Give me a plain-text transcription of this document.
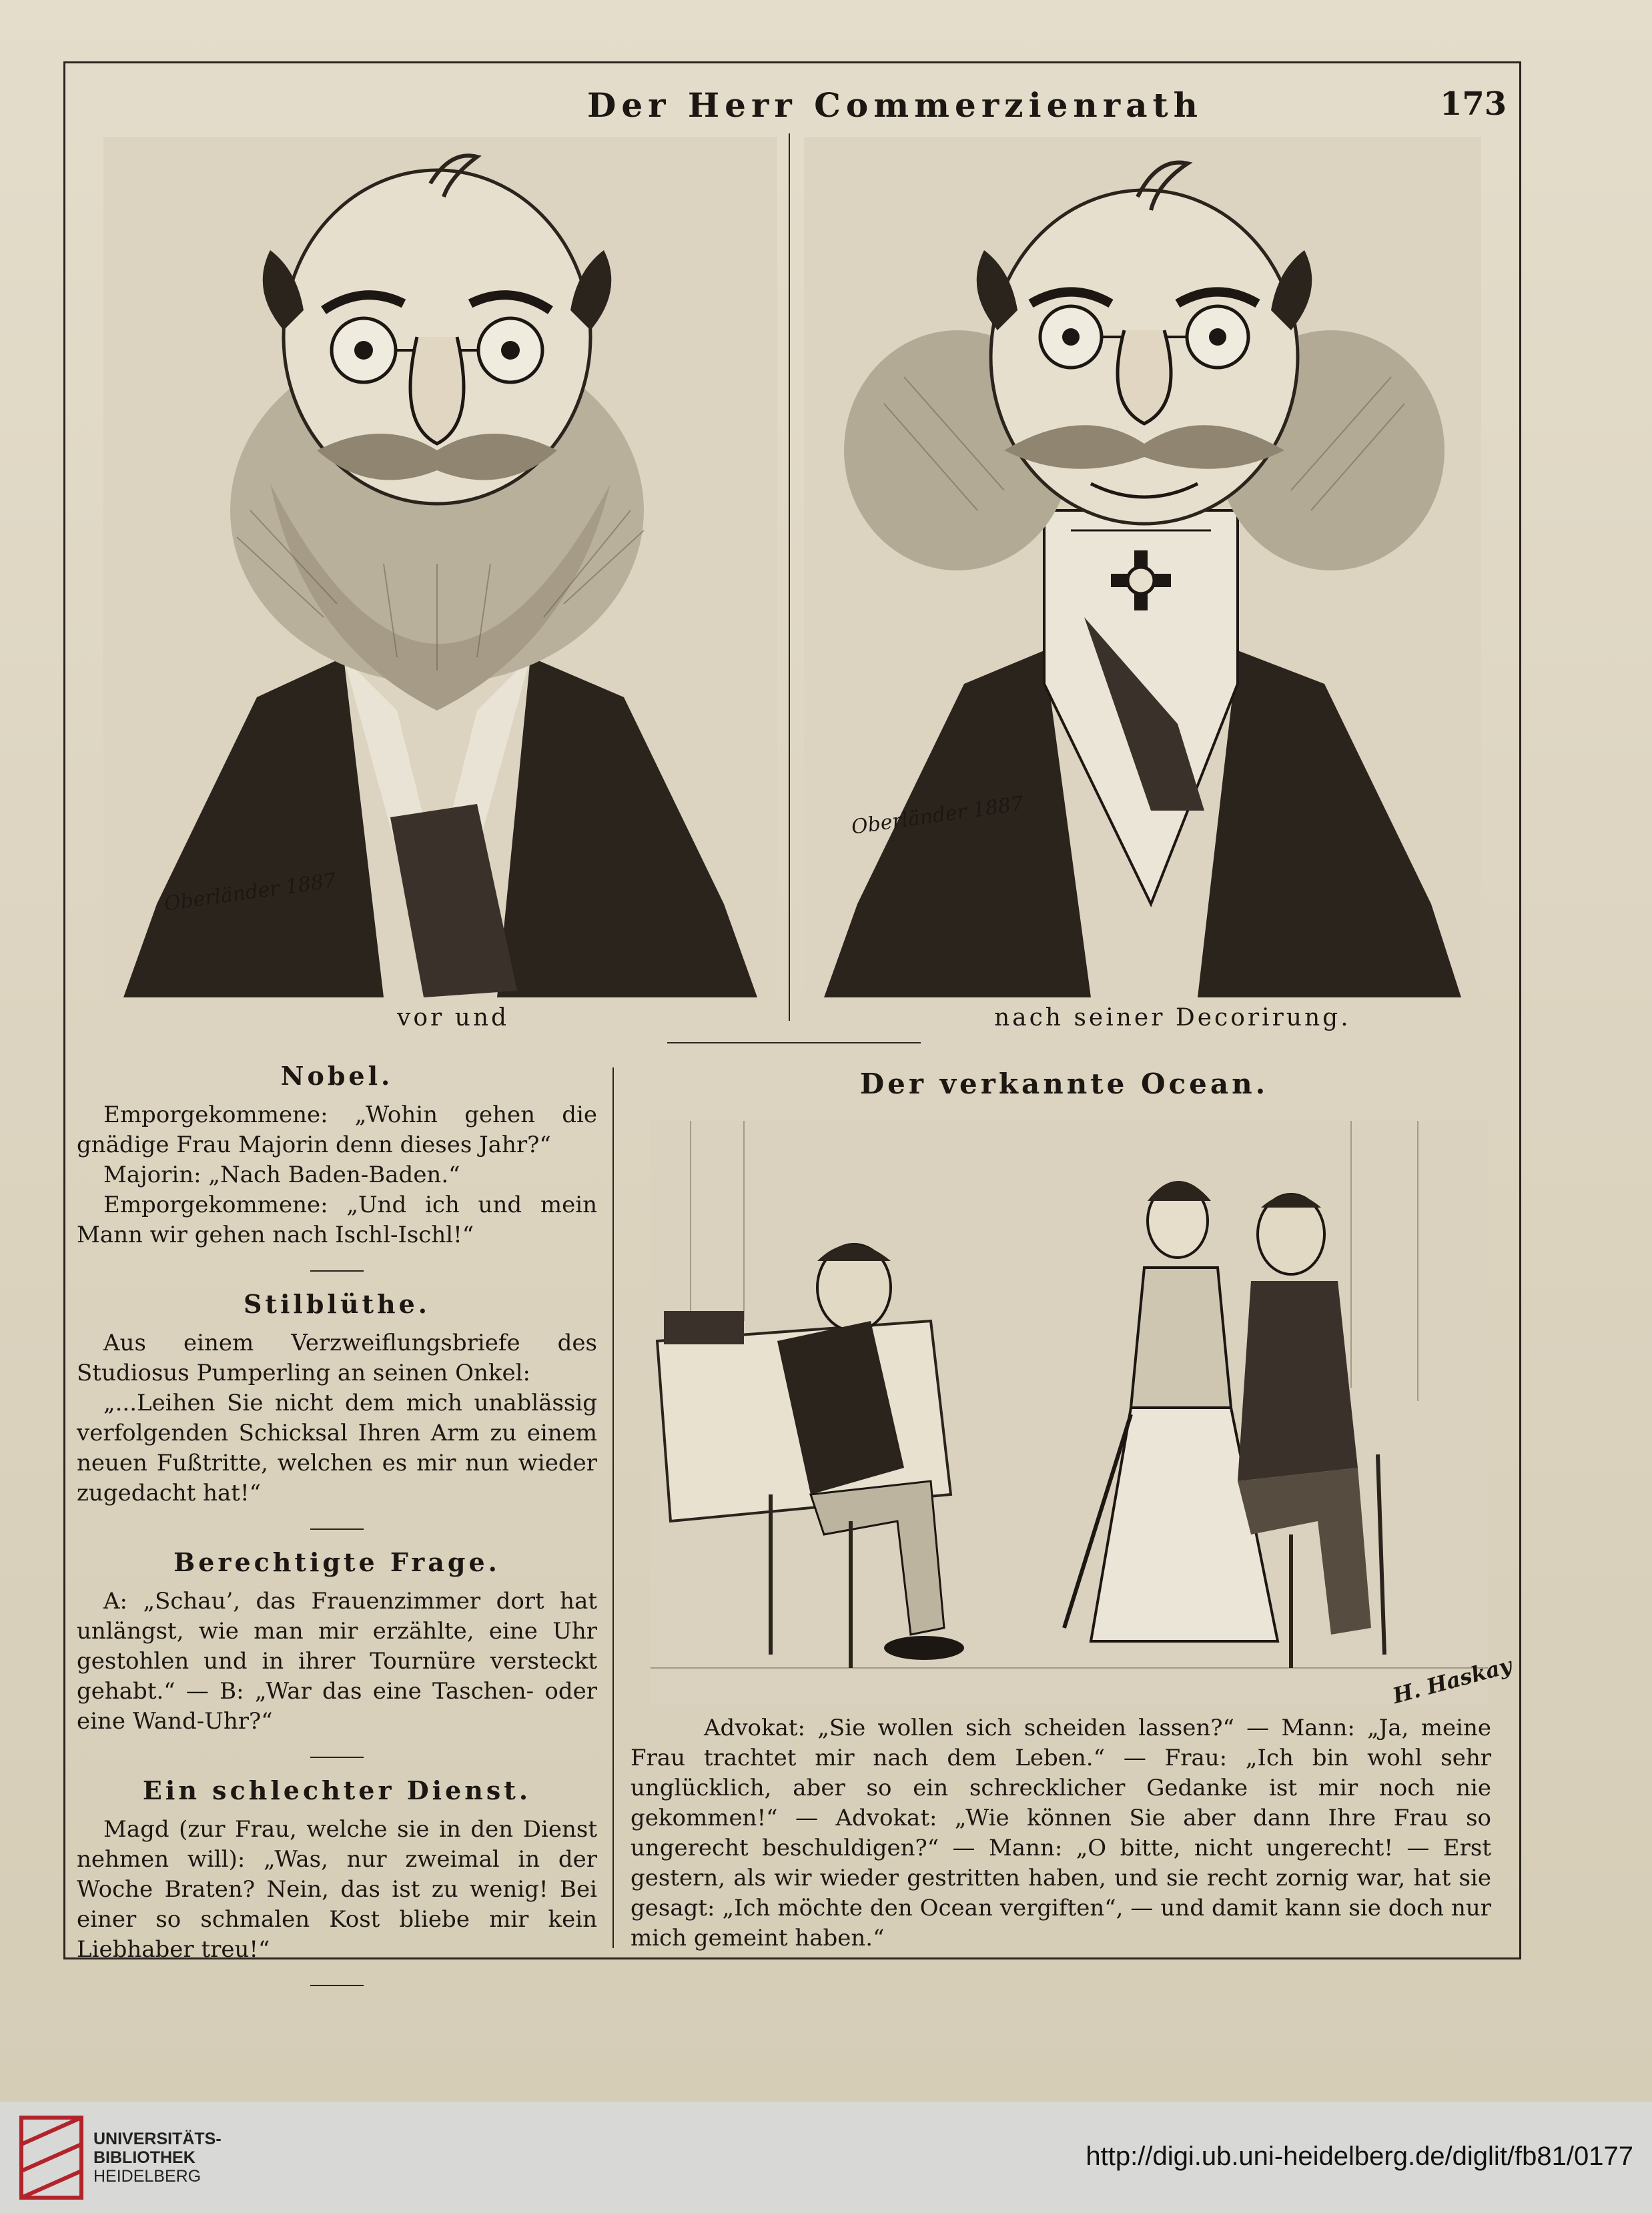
Der Herr Commerzienrath	173
Oberländer 1887
Oberländer 1887
vor und	nach seiner Decorirung.
Nobel.
Emporgekommene: „Wohin gehen die gnädige Frau Majorin denn dieses Jahr?“
Majorin: „Nach Baden-Baden.“
Emporgekommene: „Und ich und mein Mann wir gehen nach Ischl-Ischl!“
Stilblüthe.
Aus einem Verzweiflungsbriefe des Studiosus Pumperling an seinen Onkel:
„...Leihen Sie nicht dem mich unablässig verfolgenden Schicksal Ihren Arm zu einem neuen Fußtritte, welchen es mir nun wieder zugedacht hat!“
Berechtigte Frage.
A: „Schau’, das Frauenzimmer dort hat unlängst, wie man mir erzählte, eine Uhr gestohlen und in ihrer Tournüre versteckt gehabt.“ — B: „War das eine Taschen- oder eine Wand-Uhr?“
Ein schlechter Dienst.
Magd (zur Frau, welche sie in den Dienst nehmen will): „Was, nur zweimal in der Woche Braten? Nein, das ist zu wenig! Bei einer so schmalen Kost bliebe mir kein Liebhaber treu!“
Der verkannte Ocean.
H. Haskay
Advokat: „Sie wollen sich scheiden lassen?“ — Mann: „Ja, meine Frau trachtet mir nach dem Leben.“ — Frau: „Ich bin wohl sehr unglücklich, aber so ein schrecklicher Gedanke ist mir noch nie gekommen!“ — Advokat: „Wie können Sie aber dann Ihre Frau so ungerecht beschuldigen?“ — Mann: „O bitte, nicht ungerecht! — Erst gestern, als wir wieder gestritten haben, und sie recht zornig war, hat sie gesagt: „Ich möchte den Ocean vergiften“, — und damit kann sie doch nur mich gemeint haben.“
UNIVERSITÄTS-
BIBLIOTHEK
HEIDELBERG
http://digi.ub.uni-heidelberg.de/diglit/fb81/0177
